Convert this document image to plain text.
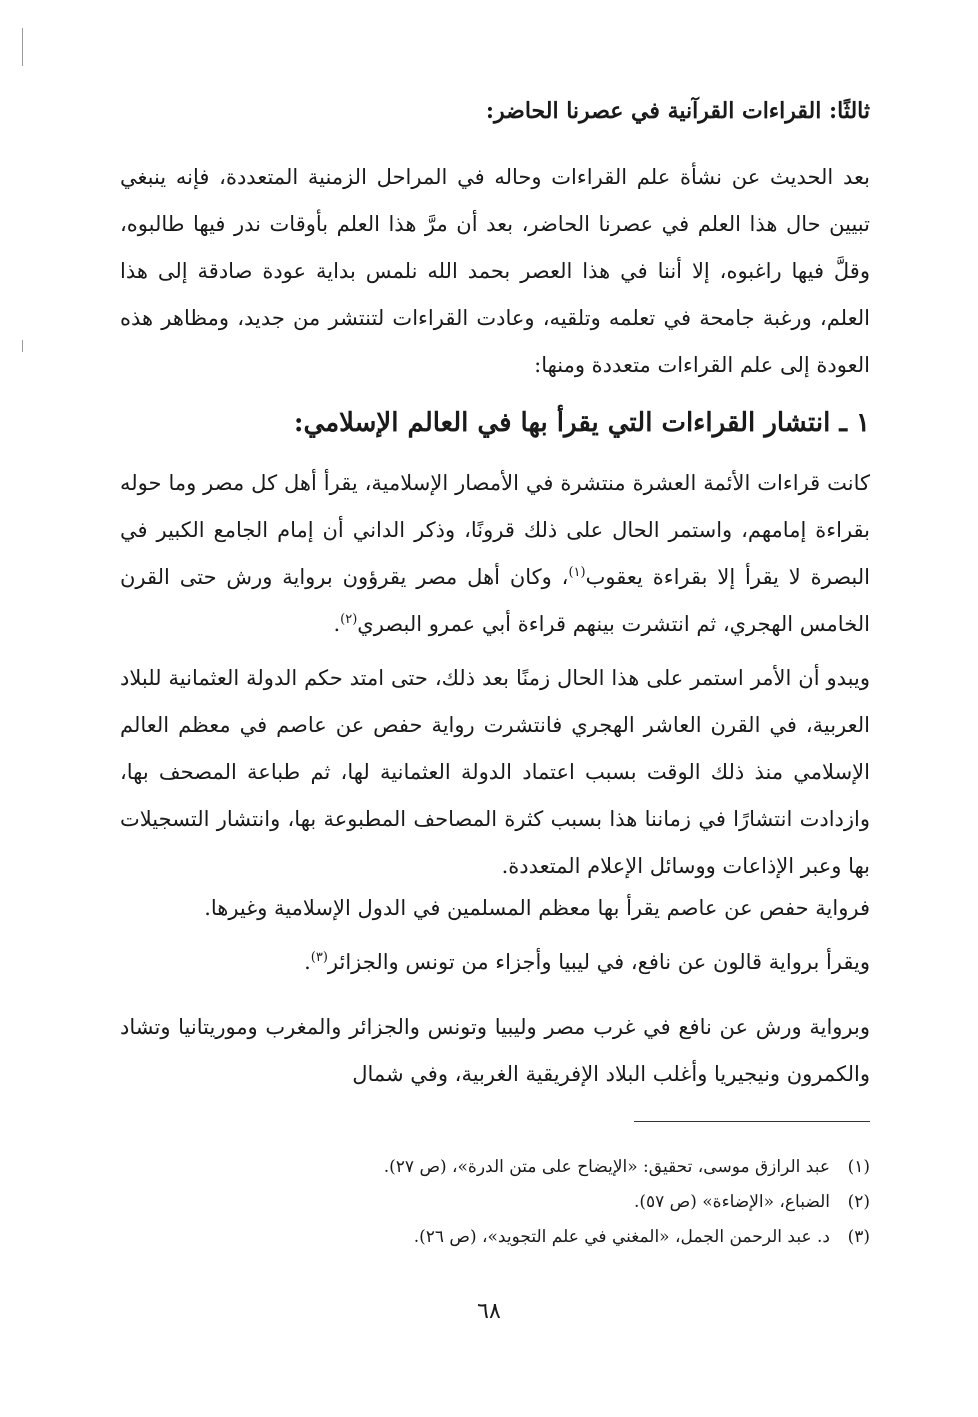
ثالثًا: القراءات القرآنية في عصرنا الحاضر:

بعد الحديث عن نشأة علم القراءات وحاله في المراحل الزمنية المتعددة، فإنه ينبغي تبيين حال هذا العلم في عصرنا الحاضر، بعد أن مرَّ هذا العلم بأوقات ندر فيها طالبوه، وقلَّ فيها راغبوه، إلا أننا في هذا العصر بحمد الله نلمس بداية عودة صادقة إلى هذا العلم، ورغبة جامحة في تعلمه وتلقيه، وعادت القراءات لتنتشر من جديد، ومظاهر هذه العودة إلى علم القراءات متعددة ومنها:

١ ـ انتشار القراءات التي يقرأ بها في العالم الإسلامي:

كانت قراءات الأئمة العشرة منتشرة في الأمصار الإسلامية، يقرأ أهل كل مصر وما حوله بقراءة إمامهم، واستمر الحال على ذلك قرونًا، وذكر الداني أن إمام الجامع الكبير في البصرة لا يقرأ إلا بقراءة يعقوب$^{(١)}$، وكان أهل مصر يقرؤون برواية ورش حتى القرن الخامس الهجري، ثم انتشرت بينهم قراءة أبي عمرو البصري$^{(٢)}$.

ويبدو أن الأمر استمر على هذا الحال زمنًا بعد ذلك، حتى امتد حكم الدولة العثمانية للبلاد العربية، في القرن العاشر الهجري فانتشرت رواية حفص عن عاصم في معظم العالم الإسلامي منذ ذلك الوقت بسبب اعتماد الدولة العثمانية لها، ثم طباعة المصحف بها، وازدادت انتشارًا في زماننا هذا بسبب كثرة المصاحف المطبوعة بها، وانتشار التسجيلات بها وعبر الإذاعات ووسائل الإعلام المتعددة.

فرواية حفص عن عاصم يقرأ بها معظم المسلمين في الدول الإسلامية وغيرها.
ويقرأ برواية قالون عن نافع، في ليبيا وأجزاء من تونس والجزائر$^{(٣)}$.

وبرواية ورش عن نافع في غرب مصر وليبيا وتونس والجزائر والمغرب وموريتانيا وتشاد والكمرون ونيجيريا وأغلب البلاد الإفريقية الغربية، وفي شمال

(١)عبد الرازق موسى، تحقيق: «الإيضاح على متن الدرة»، (ص ٢٧).
(٢)الضباع، «الإضاءة» (ص ٥٧).
(٣)د. عبد الرحمن الجمل، «المغني في علم التجويد»، (ص ٢٦).
٦٨
